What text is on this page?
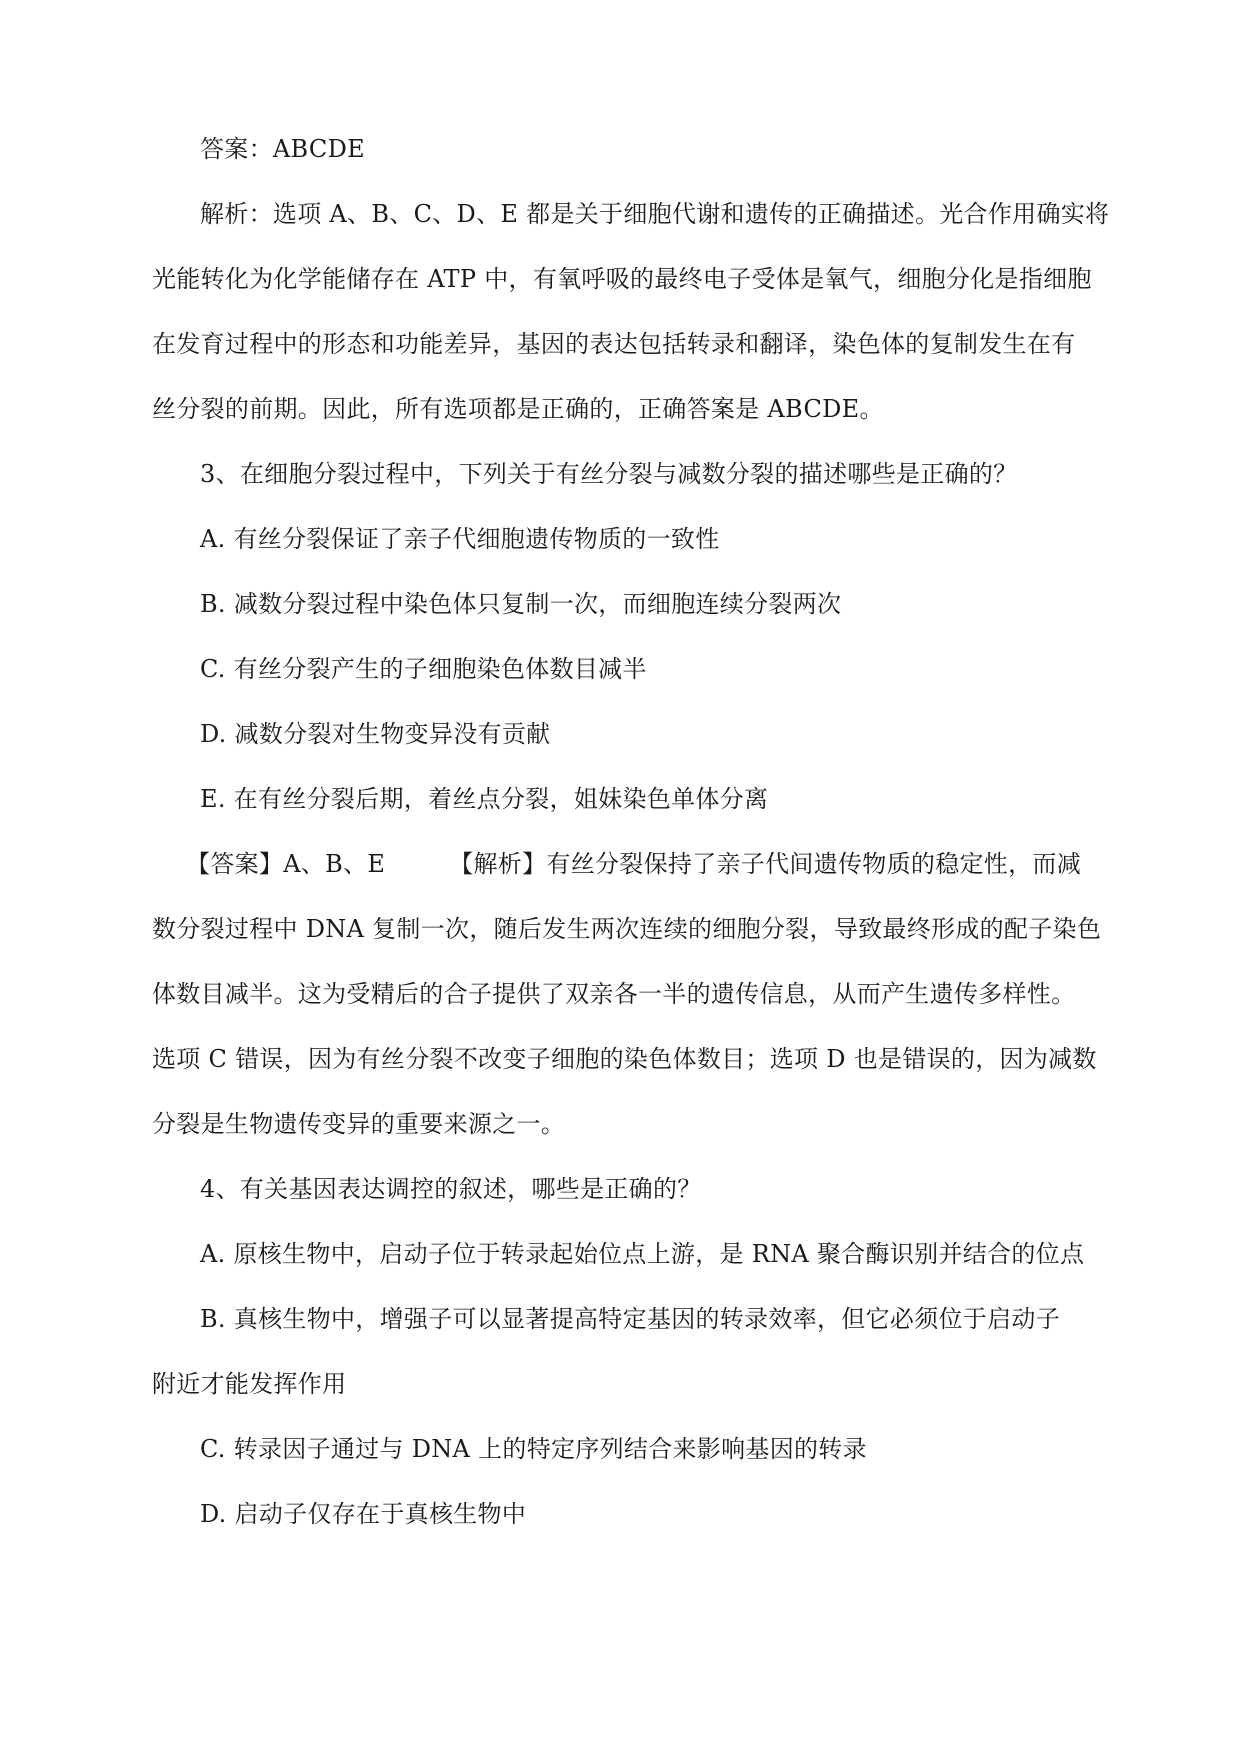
答案：ABCDE
解析：选项 A、B、C、D、E 都是关于细胞代谢和遗传的正确描述。光合作用确实将
光能转化为化学能储存在 ATP 中，有氧呼吸的最终电子受体是氧气，细胞分化是指细胞
在发育过程中的形态和功能差异，基因的表达包括转录和翻译，染色体的复制发生在有
丝分裂的前期。因此，所有选项都是正确的，正确答案是 ABCDE。
3、在细胞分裂过程中，下列关于有丝分裂与减数分裂的描述哪些是正确的？
A. 有丝分裂保证了亲子代细胞遗传物质的一致性
B. 减数分裂过程中染色体只复制一次，而细胞连续分裂两次
C. 有丝分裂产生的子细胞染色体数目减半
D. 减数分裂对生物变异没有贡献
E. 在有丝分裂后期，着丝点分裂，姐妹染色单体分离
【答案】A、B、E	【解析】有丝分裂保持了亲子代间遗传物质的稳定性，而减
数分裂过程中 DNA 复制一次，随后发生两次连续的细胞分裂，导致最终形成的配子染色
体数目减半。这为受精后的合子提供了双亲各一半的遗传信息，从而产生遗传多样性。
选项 C 错误，因为有丝分裂不改变子细胞的染色体数目；选项 D 也是错误的，因为减数
分裂是生物遗传变异的重要来源之一。
4、有关基因表达调控的叙述，哪些是正确的？
A. 原核生物中，启动子位于转录起始位点上游，是 RNA 聚合酶识别并结合的位点
B. 真核生物中，增强子可以显著提高特定基因的转录效率，但它必须位于启动子
附近才能发挥作用
C. 转录因子通过与 DNA 上的特定序列结合来影响基因的转录
D. 启动子仅存在于真核生物中
